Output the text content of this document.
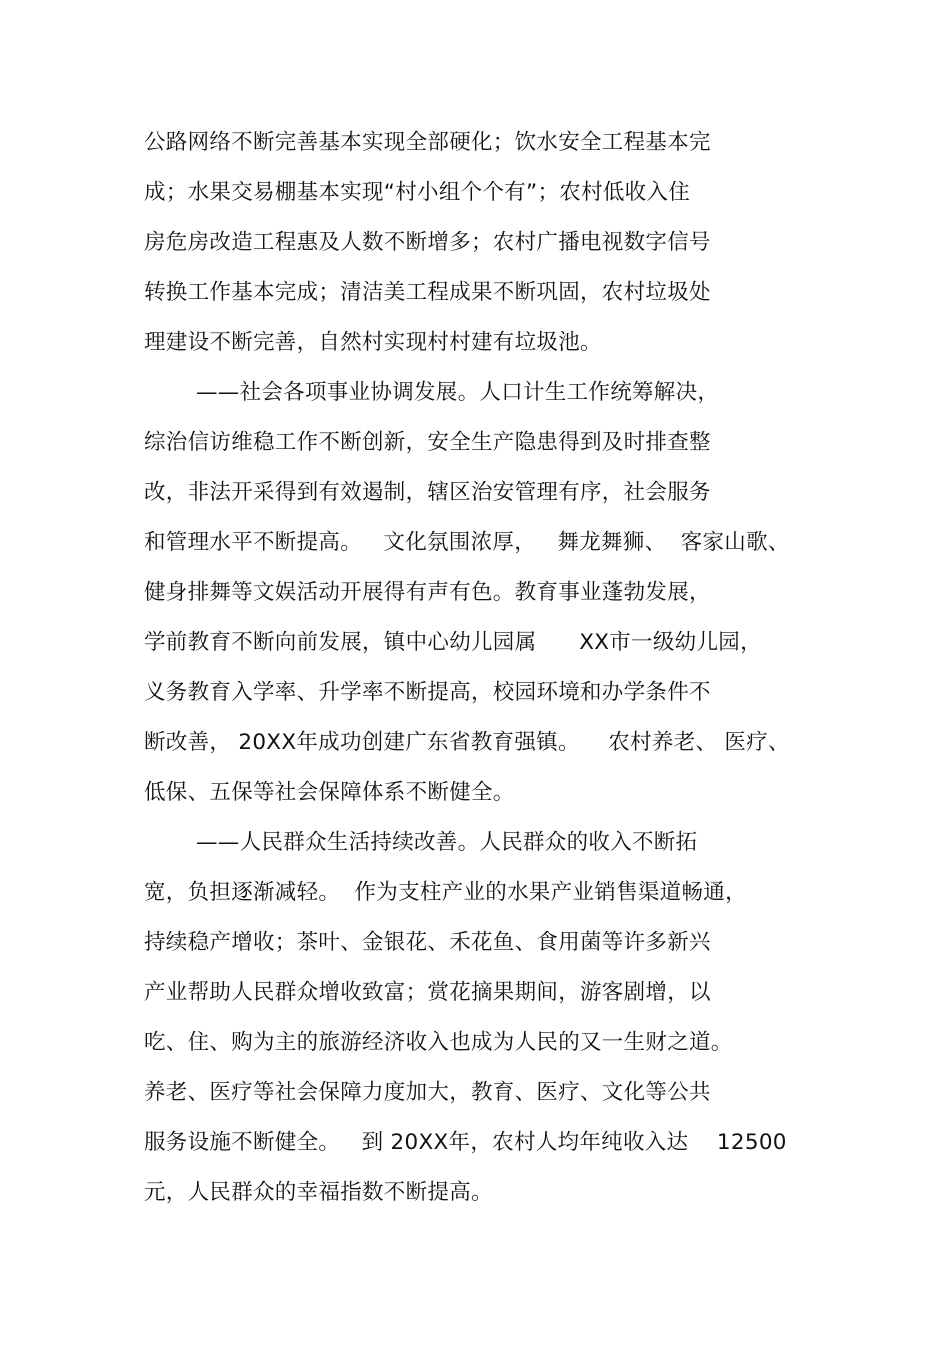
公路网络不断完善基本实现全部硬化；饮水安全工程基本完
成；水果交易棚基本实现“村小组个个有”；农村低收入住
房危房改造工程惠及人数不断增多；农村广播电视数字信号
转换工作基本完成；清洁美工程成果不断巩固，农村垃圾处
理建设不断完善，自然村实现村村建有垃圾池。
——社会各项事业协调发展。人口计生工作统筹解决，
综治信访维稳工作不断创新，安全生产隐患得到及时排查整
改，非法开采得到有效遏制，辖区治安管理有序，社会服务
和管理水平不断提高。   文化氛围浓厚，   舞龙舞狮、  客家山歌、
健身排舞等文娱活动开展得有声有色。教育事业蓬勃发展，
学前教育不断向前发展，镇中心幼儿园属      XX市一级幼儿园，
义务教育入学率、升学率不断提高，校园环境和办学条件不
断改善， 20XX年成功创建广东省教育强镇。    农村养老、 医疗、
低保、五保等社会保障体系不断健全。
——人民群众生活持续改善。人民群众的收入不断拓
宽，负担逐渐减轻。  作为支柱产业的水果产业销售渠道畅通，
持续稳产增收；茶叶、金银花、禾花鱼、食用菌等许多新兴
产业帮助人民群众增收致富；赏花摘果期间，游客剧增，以
吃、住、购为主的旅游经济收入也成为人民的又一生财之道。
养老、医疗等社会保障力度加大，教育、医疗、文化等公共
服务设施不断健全。   到 20XX年，农村人均年纯收入达    12500
元，人民群众的幸福指数不断提高。
